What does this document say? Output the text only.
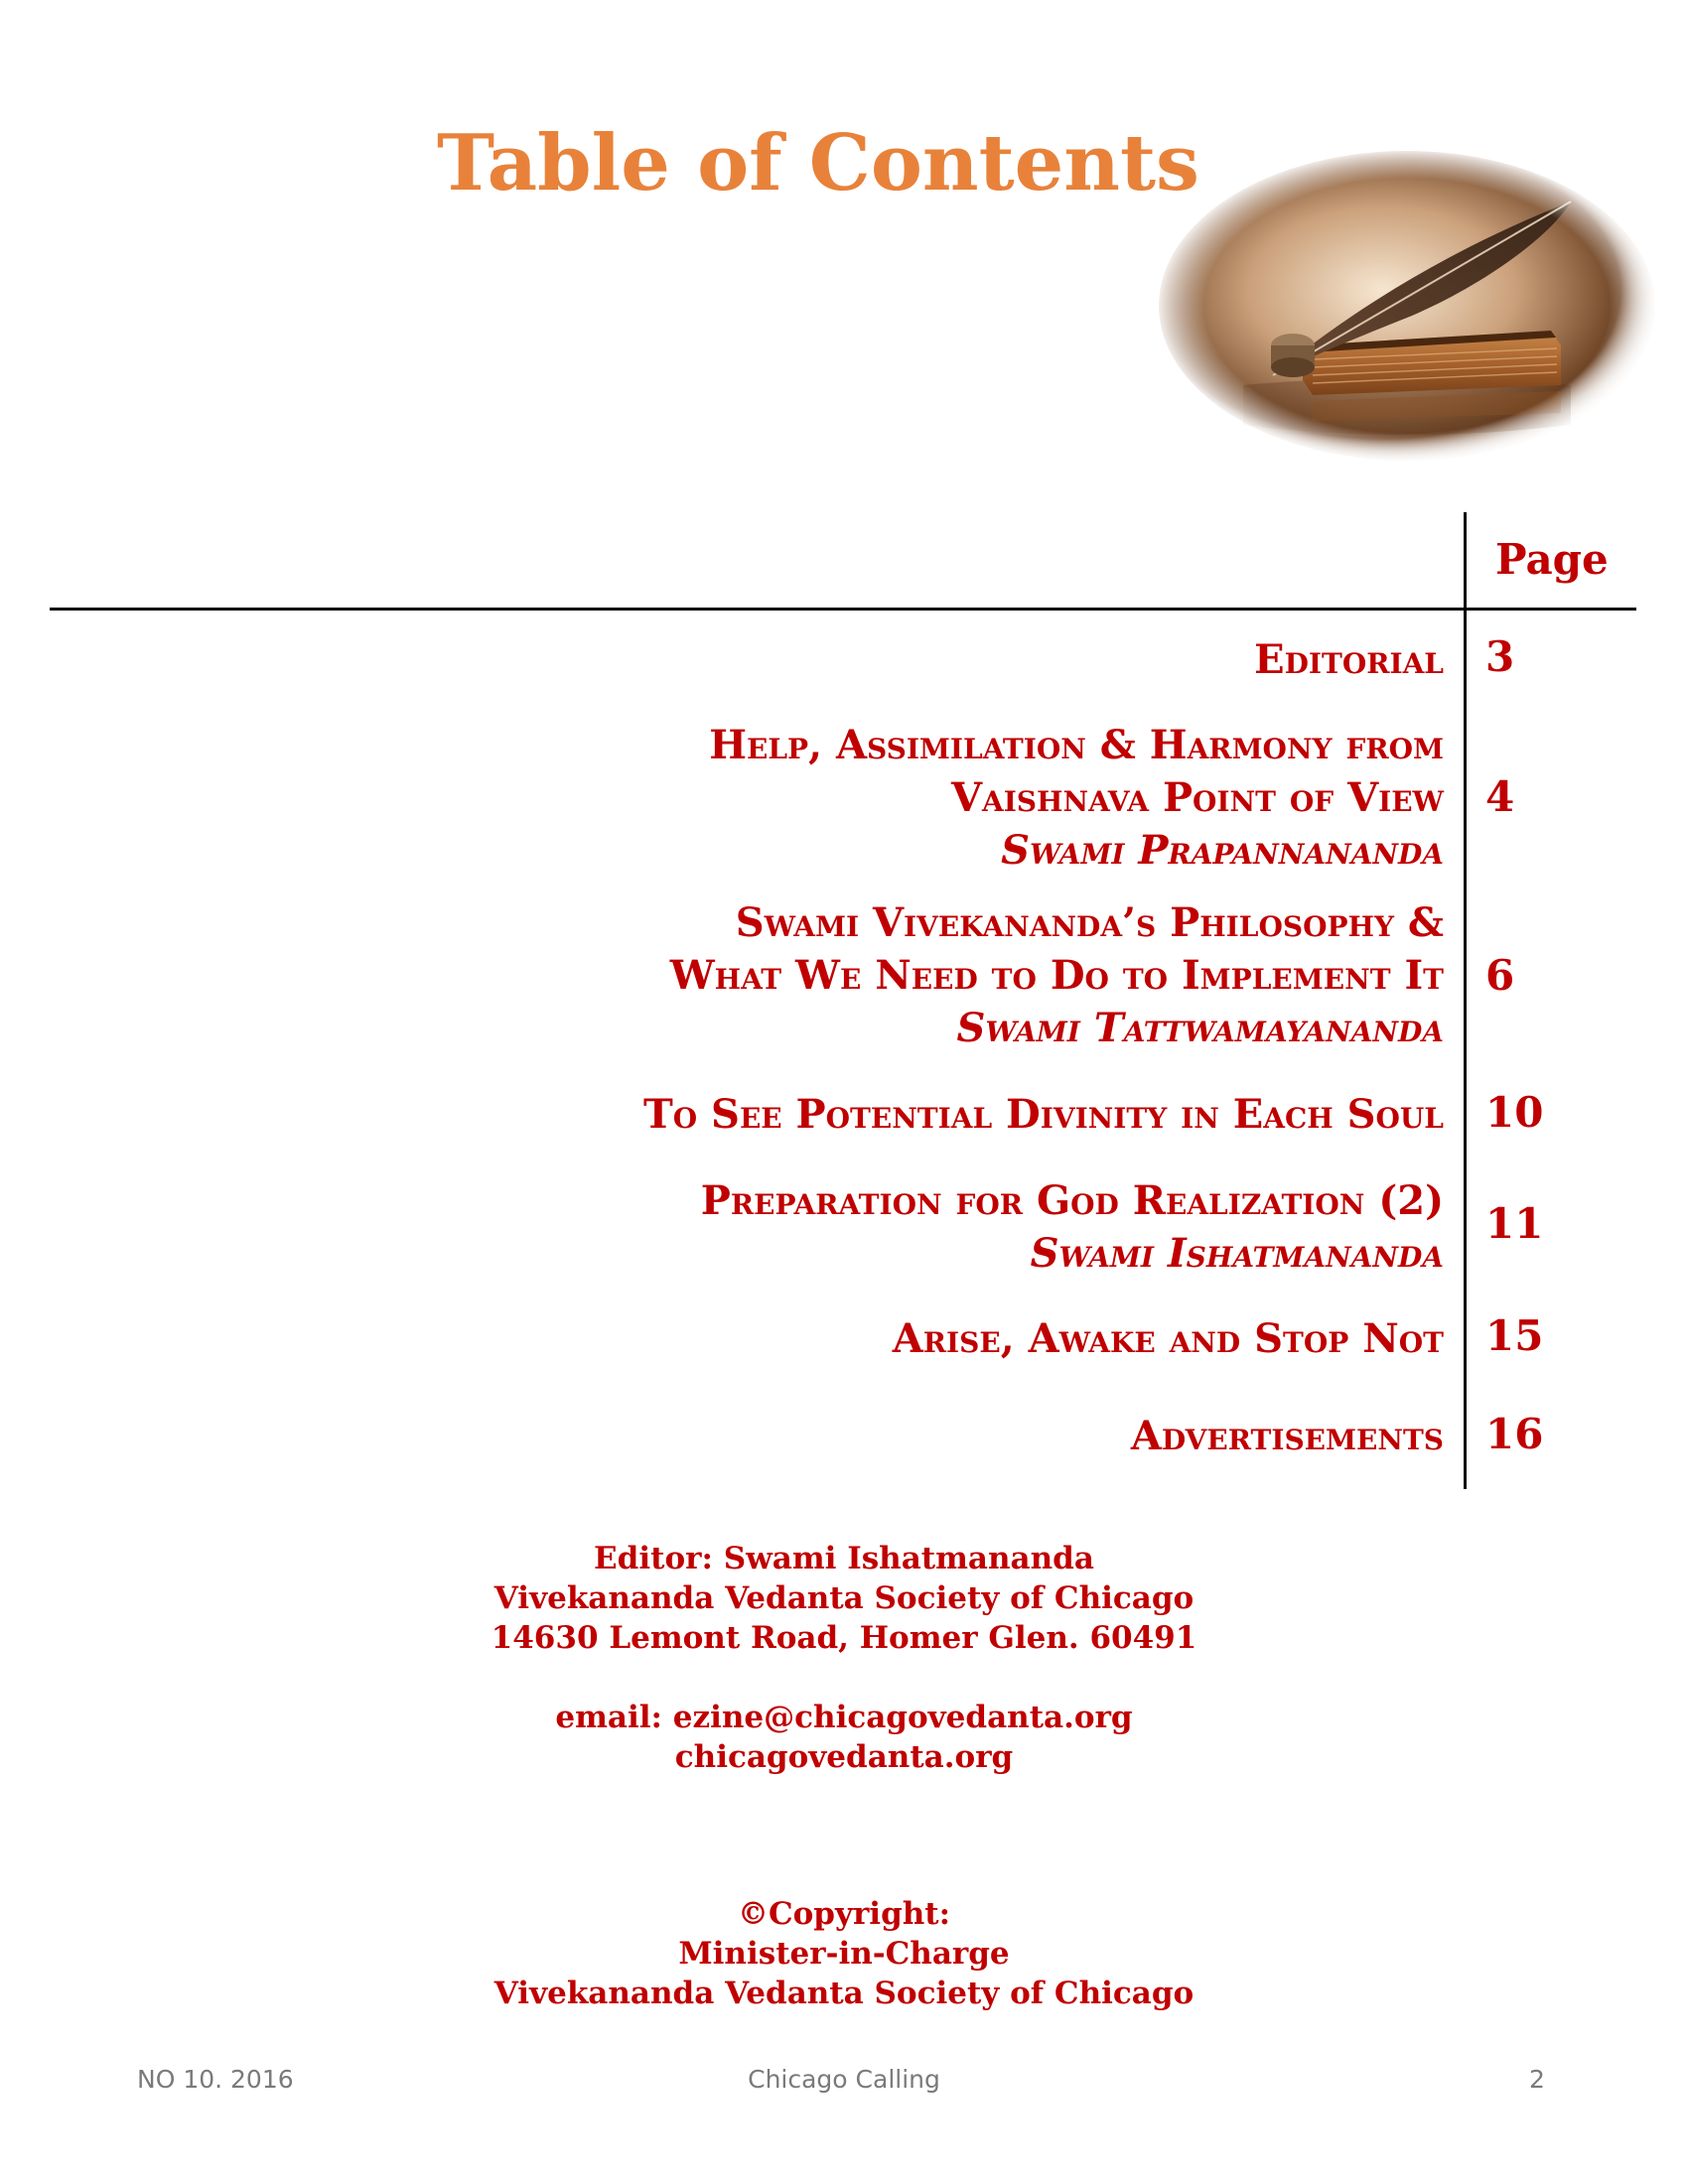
Table of Contents
Page
Editorial 3
Help, Assimilation & Harmony from
Vaishnava Point of View
Swami Prapannananda
4
Swami Vivekananda’s Philosophy &
What We Need to Do to Implement It
Swami Tattwamayananda
6
To See Potential Divinity in Each Soul 10
Preparation for God Realization (2)
Swami Ishatmananda
11
Arise, Awake and Stop Not 15
Advertisements 16
Editor: Swami Ishatmananda
Vivekananda Vedanta Society of Chicago
14630 Lemont Road, Homer Glen. 60491
email: ezine@chicagovedanta.org
chicagovedanta.org
©Copyright:
Minister-in-Charge
Vivekananda Vedanta Society of Chicago
NO 10. 2016	Chicago Calling	2
